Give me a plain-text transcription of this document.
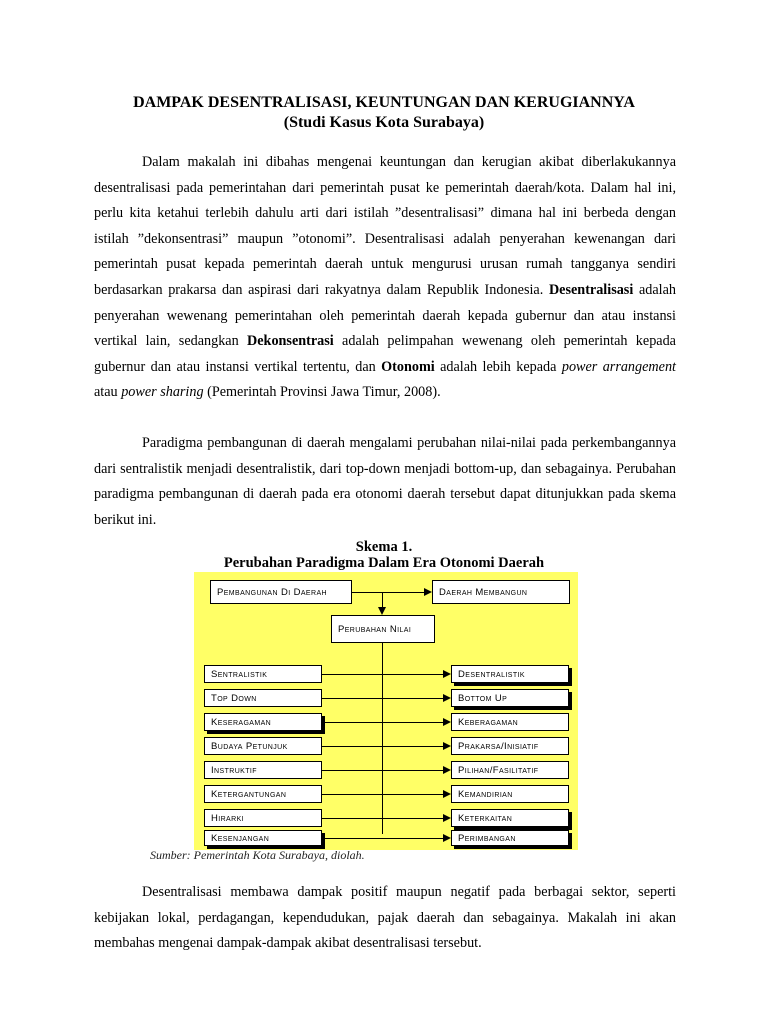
DAMPAK DESENTRALISASI, KEUNTUNGAN DAN KERUGIANNYA
(Studi Kasus Kota Surabaya)

Dalam makalah ini dibahas mengenai keuntungan dan kerugian akibat diberlakukannya desentralisasi pada pemerintahan dari pemerintah pusat ke pemerintah daerah/kota. Dalam hal ini, perlu kita ketahui terlebih dahulu arti dari istilah ”desentralisasi” dimana hal ini berbeda dengan istilah ”dekonsentrasi” maupun ”otonomi”. Desentralisasi adalah penyerahan kewenangan dari pemerintah pusat kepada pemerintah daerah untuk mengurusi urusan rumah tangganya sendiri berdasarkan prakarsa dan aspirasi dari rakyatnya dalam Republik Indonesia. Desentralisasi adalah penyerahan wewenang pemerintahan oleh pemerintah daerah kepada gubernur dan atau instansi vertikal lain, sedangkan Dekonsentrasi adalah pelimpahan wewenang oleh pemerintah kepada gubernur dan atau instansi vertikal tertentu, dan Otonomi adalah lebih kepada power arrangement atau power sharing (Pemerintah Provinsi Jawa Timur, 2008).

Paradigma pembangunan di daerah mengalami perubahan nilai-nilai pada perkembangannya dari sentralistik menjadi desentralistik, dari top-down menjadi bottom-up, dan sebagainya. Perubahan paradigma pembangunan di daerah pada era otonomi daerah tersebut dapat ditunjukkan pada skema berikut ini.

Skema 1.
Perubahan Paradigma Dalam Era Otonomi Daerah
Pembangunan Di Daerah	Daerah Membangun
Perubahan Nilai
Sentralistik	Desentralistik
Top Down	Bottom Up
Keseragaman	Keberagaman
Budaya Petunjuk	Prakarsa/Inisiatif
Instruktif	Pilihan/Fasilitatif
Ketergantungan	Kemandirian
Hirarki	Keterkaitan
Kesenjangan	Perimbangan
Sumber: Pemerintah Kota Surabaya, diolah.

Desentralisasi membawa dampak positif maupun negatif pada berbagai sektor, seperti kebijakan lokal, perdagangan, kependudukan, pajak daerah dan sebagainya. Makalah ini akan membahas mengenai dampak-dampak akibat desentralisasi tersebut.
